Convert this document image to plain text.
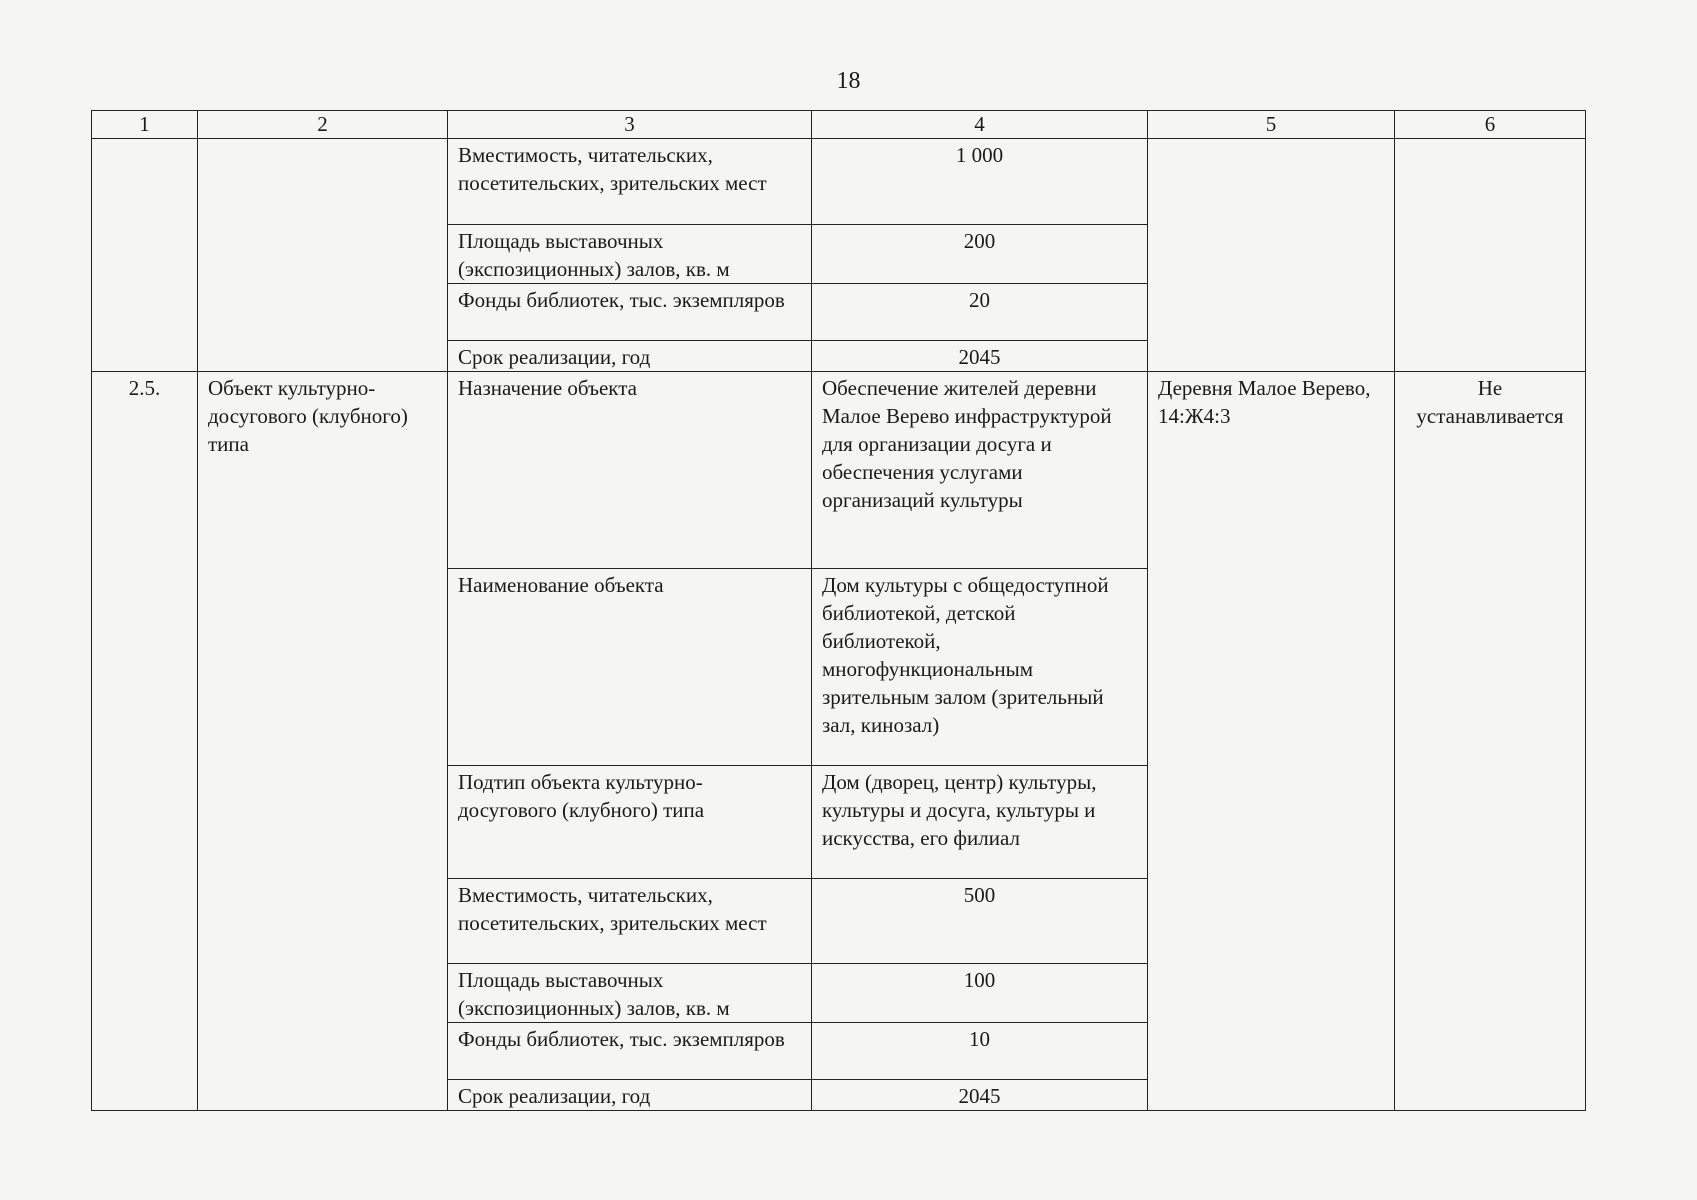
18
1	2	3	4	5	6
		Вместимость, читательских, посетительских, зрительских мест	1 000		
		Площадь выставочных (экспозиционных) залов, кв. м	200		
		Фонды библиотек, тыс. экземпляров	20		
		Срок реализации, год	2045		
2.5.	Объект культурно-досугового (клубного) типа	Назначение объекта	Обеспечение жителей деревни Малое Верево инфраструктурой для организации досуга и обеспечения услугами организаций культуры	Деревня Малое Верево, 14:Ж4:3	Не устанавливается
		Наименование объекта	Дом культуры с общедоступной библиотекой, детской библиотекой, многофункциональным зрительным залом (зрительный зал, кинозал)		
		Подтип объекта культурно-досугового (клубного) типа	Дом (дворец, центр) культуры, культуры и досуга, культуры и искусства, его филиал		
		Вместимость, читательских, посетительских, зрительских мест	500		
		Площадь выставочных (экспозиционных) залов, кв. м	100		
		Фонды библиотек, тыс. экземпляров	10		
		Срок реализации, год	2045		
